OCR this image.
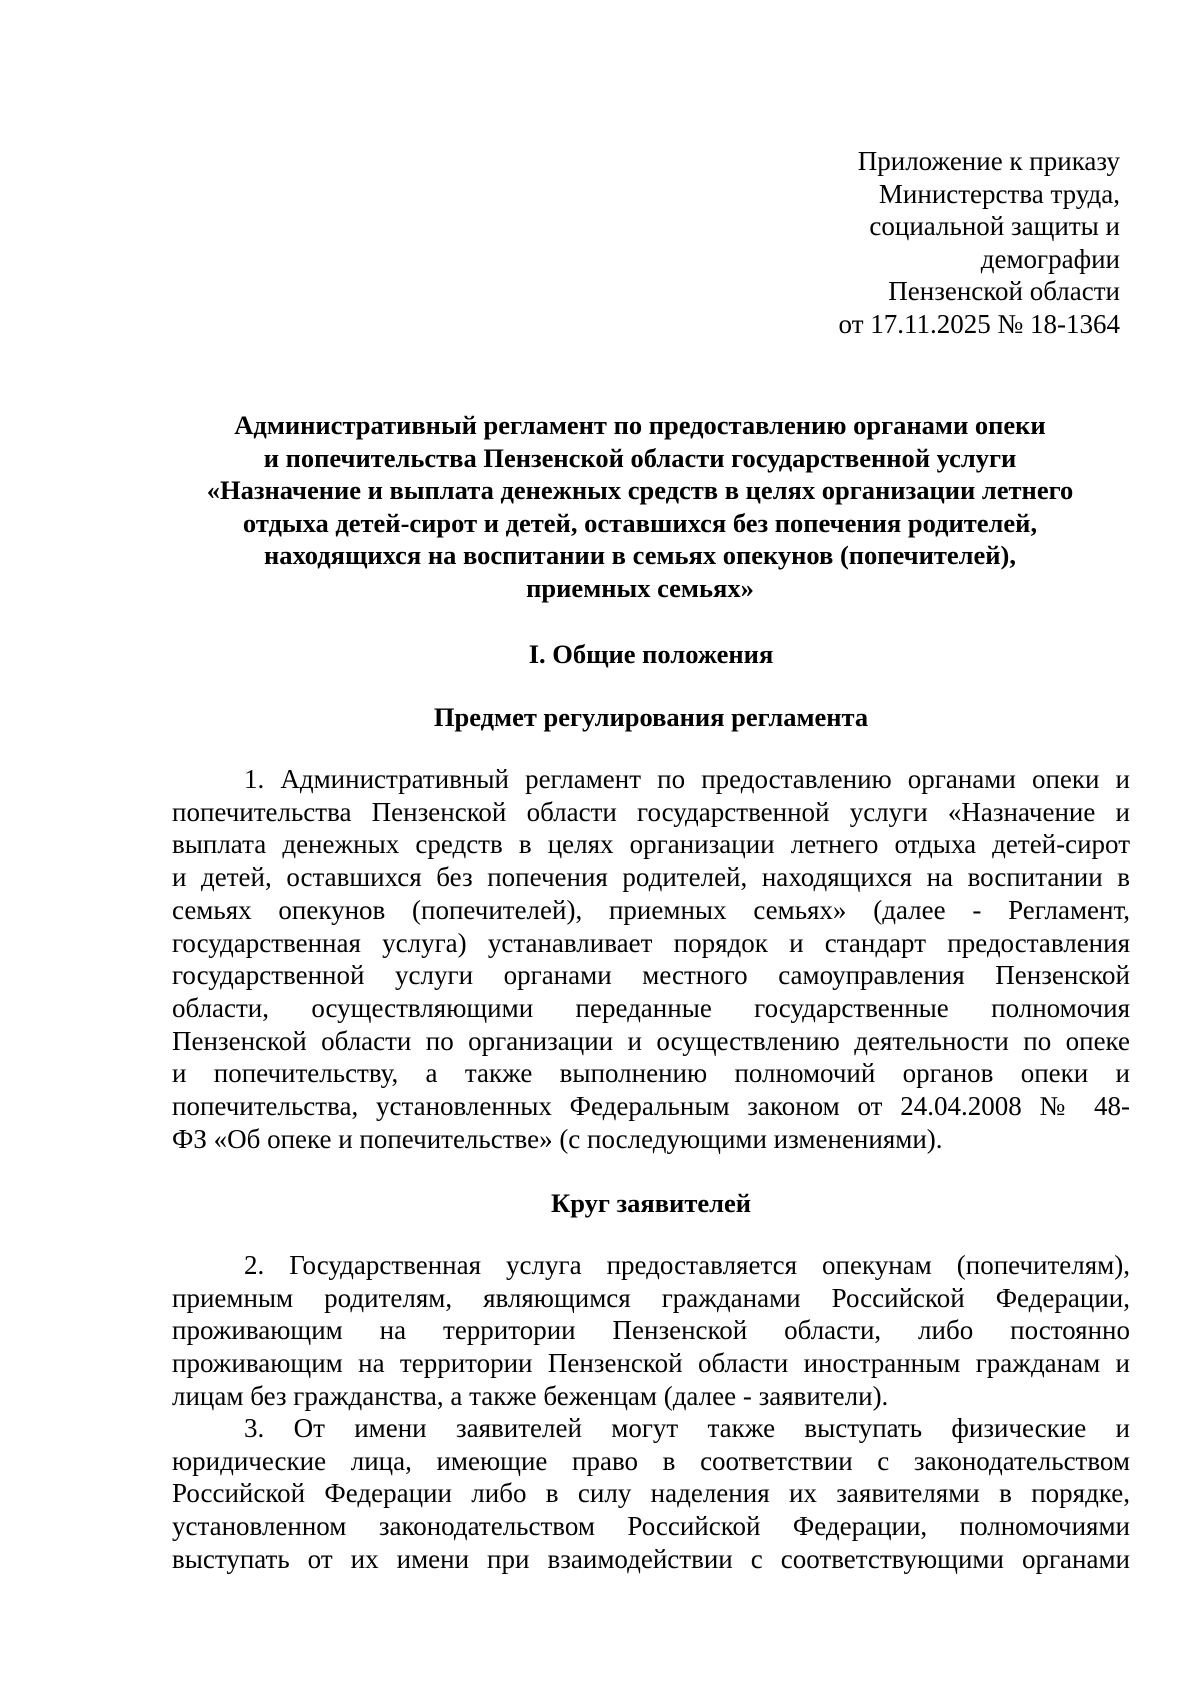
Приложение к приказу
Министерства труда,
социальной защиты и
демографии
Пензенской области
от 17.11.2025 № 18-1364
Административный регламент по предоставлению органами опеки
и попечительства Пензенской области государственной услуги
«Назначение и выплата денежных средств в целях организации летнего
отдыха детей-сирот и детей, оставшихся без попечения родителей,
находящихся на воспитании в семьях опекунов (попечителей),
приемных семьях»
I. Общие положения
Предмет регулирования регламента
1. Административный регламент по предоставлению органами опеки и
попечительства Пензенской области государственной услуги «Назначение и
выплата денежных средств в целях организации летнего отдыха детей-сирот
и детей, оставшихся без попечения родителей, находящихся на воспитании в
семьях опекунов (попечителей), приемных семьях» (далее - Регламент,
государственная услуга) устанавливает порядок и стандарт предоставления
государственной услуги органами местного самоуправления Пензенской
области, осуществляющими переданные государственные полномочия
Пензенской области по организации и осуществлению деятельности по опеке
и попечительству, а также выполнению полномочий органов опеки и
попечительства, установленных Федеральным законом от 24.04.2008 № 48-
ФЗ «Об опеке и попечительстве» (с последующими изменениями).
Круг заявителей
2. Государственная услуга предоставляется опекунам (попечителям),
приемным родителям, являющимся гражданами Российской Федерации,
проживающим на территории Пензенской области, либо постоянно
проживающим на территории Пензенской области иностранным гражданам и
лицам без гражданства, а также беженцам (далее - заявители).
3. От имени заявителей могут также выступать физические и
юридические лица, имеющие право в соответствии с законодательством
Российской Федерации либо в силу наделения их заявителями в порядке,
установленном законодательством Российской Федерации, полномочиями
выступать от их имени при взаимодействии с соответствующими органами
